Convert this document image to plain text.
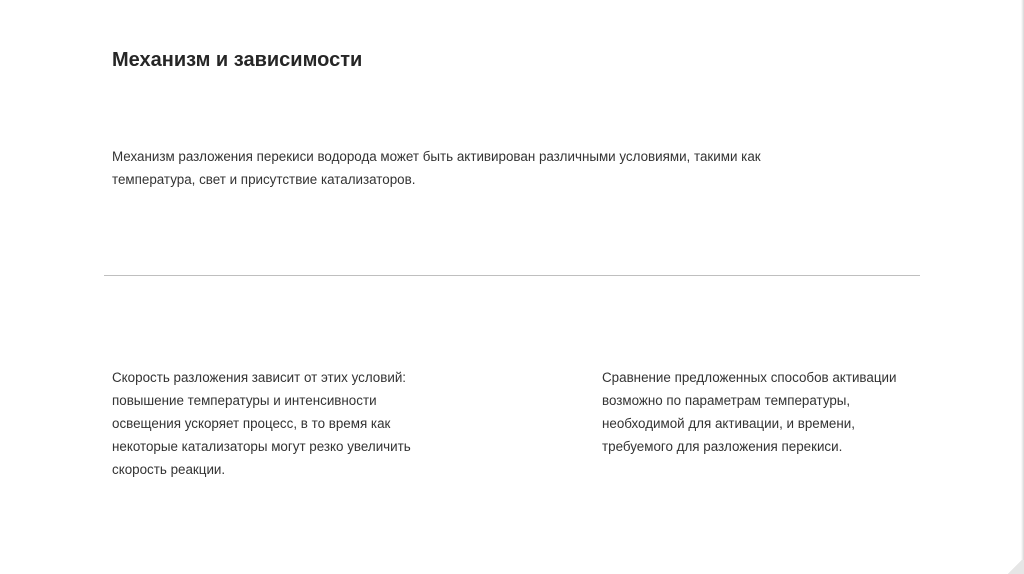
Механизм и зависимости

Механизм разложения перекиси водорода может быть активирован различными условиями, такими как температура, свет и присутствие катализаторов.

Скорость разложения зависит от этих условий: повышение температуры и интенсивности освещения ускоряет процесс, в то время как некоторые катализаторы могут резко увеличить скорость реакции.

Сравнение предложенных способов активации возможно по параметрам температуры, необходимой для активации, и времени, требуемого для разложения перекиси.
